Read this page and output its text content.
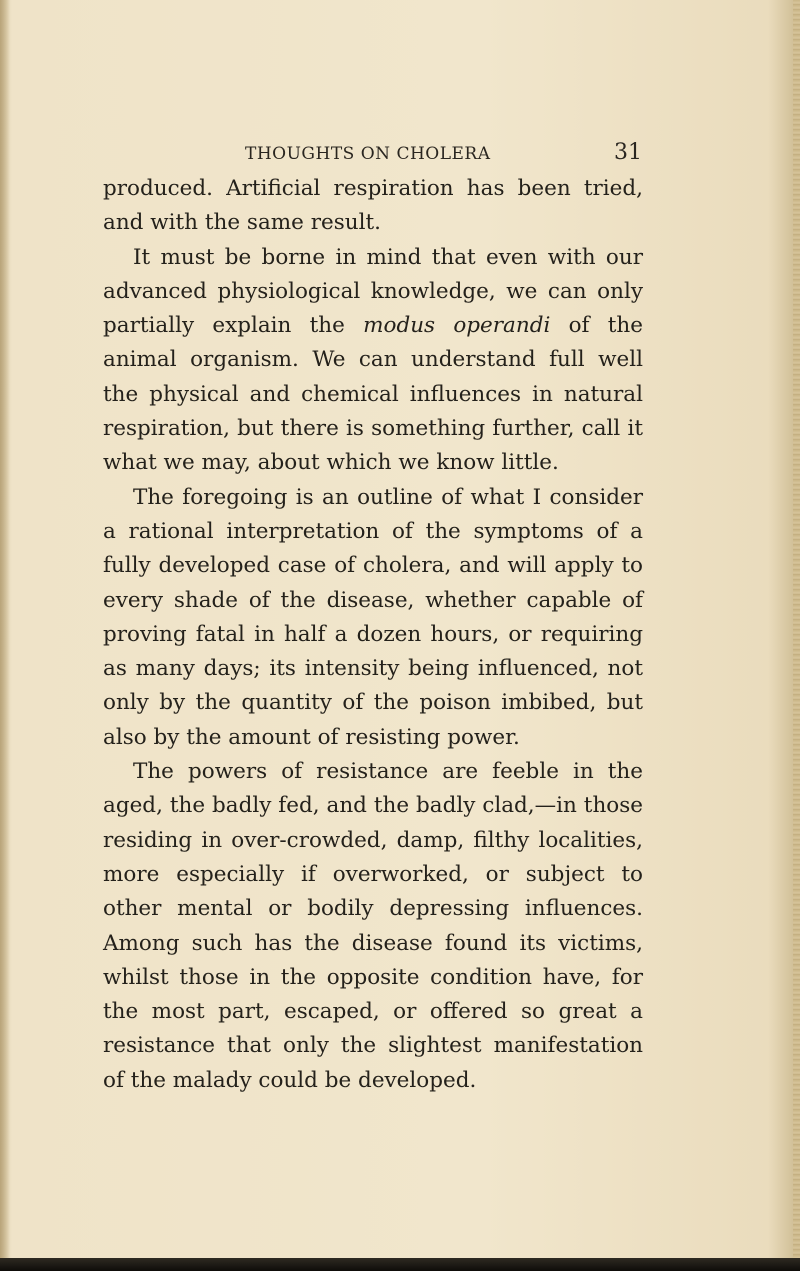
THOUGHTS ON CHOLERA	31

produced. Artificial respiration has been tried, and with the same result.

It must be borne in mind that even with our advanced physiological knowledge, we can only partially explain the modus operandi of the animal organism. We can understand full well the physical and chemical influences in natural respiration, but there is something further, call it what we may, about which we know little.

The foregoing is an outline of what I consider a rational interpretation of the symptoms of a fully developed case of cholera, and will apply to every shade of the disease, whether capable of proving fatal in half a dozen hours, or requiring as many days; its intensity being influenced, not only by the quantity of the poison imbibed, but also by the amount of resisting power.

The powers of resistance are feeble in the aged, the badly fed, and the badly clad,—in those residing in over-crowded, damp, filthy localities, more especially if overworked, or subject to other mental or bodily depressing influences. Among such has the disease found its victims, whilst those in the opposite condition have, for the most part, escaped, or offered so great a resistance that only the slightest manifestation of the malady could be developed.
